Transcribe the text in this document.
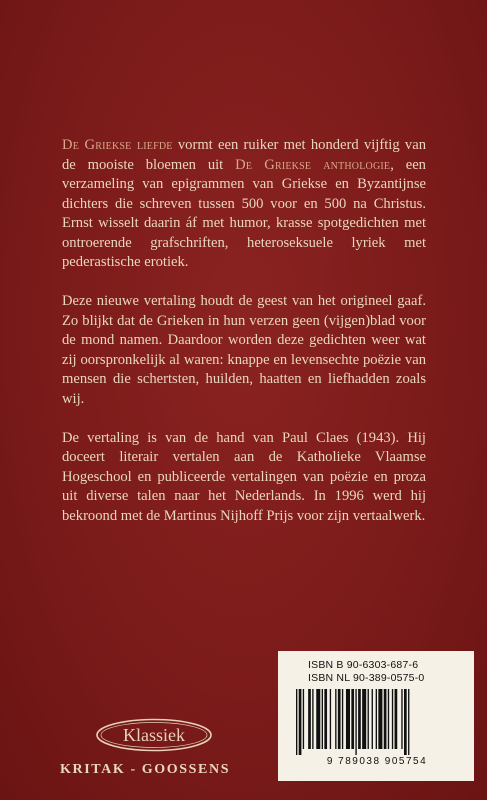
De Griekse liefde vormt een ruiker met honderd vijftig van de mooiste bloemen uit De Griekse anthologie, een verzameling van epigrammen van Griekse en Byzantijnse dichters die schreven tussen 500 voor en 500 na Christus. Ernst wisselt daarin áf met humor, krasse spotgedichten met ontroerende grafschriften, heteroseksuele lyriek met pederastische erotiek.

Deze nieuwe vertaling houdt de geest van het origineel gaaf. Zo blijkt dat de Grieken in hun verzen geen (vijgen)blad voor de mond namen. Daardoor worden deze gedichten weer wat zij oorspronkelijk al waren: knappe en levensechte poëzie van mensen die schertsten, huilden, haatten en liefhadden zoals wij.

De vertaling is van de hand van Paul Claes (1943). Hij doceert literair vertalen aan de Katholieke Vlaamse Hogeschool en publiceerde vertalingen van poëzie en proza uit diverse talen naar het Nederlands. In 1996 werd hij bekroond met de Martinus Nijhoff Prijs voor zijn vertaalwerk.

Klassiek
KRITAK - GOOSSENS
ISBN B 90-6303-687-6
ISBN NL 90-389-0575-0
9 789038 905754
